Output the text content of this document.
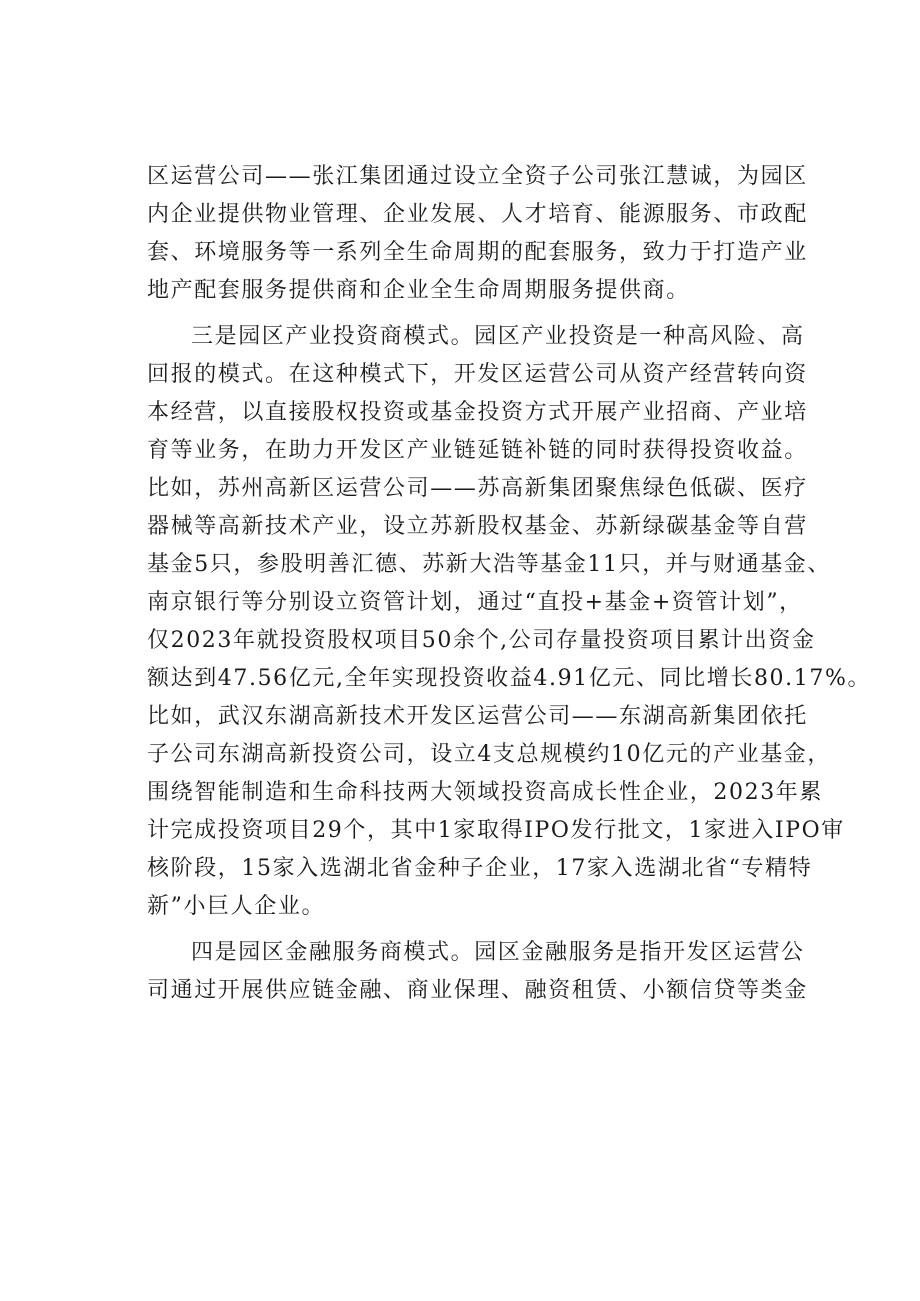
区运营公司——张江集团通过设立全资子公司张江慧诚，为园区
内企业提供物业管理、企业发展、人才培育、能源服务、市政配
套、环境服务等一系列全生命周期的配套服务，致力于打造产业
地产配套服务提供商和企业全生命周期服务提供商。
三是园区产业投资商模式。园区产业投资是一种高风险、高
回报的模式。在这种模式下，开发区运营公司从资产经营转向资
本经营，以直接股权投资或基金投资方式开展产业招商、产业培
育等业务，在助力开发区产业链延链补链的同时获得投资收益。
比如，苏州高新区运营公司——苏高新集团聚焦绿色低碳、医疗
器械等高新技术产业，设立苏新股权基金、苏新绿碳基金等自营
基金5只，参股明善汇德、苏新大浩等基金11只，并与财通基金、
南京银行等分别设立资管计划，通过“直投+基金+资管计划”，
仅2023年就投资股权项目50余个,公司存量投资项目累计出资金
额达到47.56亿元,全年实现投资收益4.91亿元、同比增长80.17%。
比如，武汉东湖高新技术开发区运营公司——东湖高新集团依托
子公司东湖高新投资公司，设立4支总规模约10亿元的产业基金，
围绕智能制造和生命科技两大领域投资高成长性企业，2023年累
计完成投资项目29个，其中1家取得IPO发行批文，1家进入IPO审
核阶段，15家入选湖北省金种子企业，17家入选湖北省“专精特
新”小巨人企业。
四是园区金融服务商模式。园区金融服务是指开发区运营公
司通过开展供应链金融、商业保理、融资租赁、小额信贷等类金
